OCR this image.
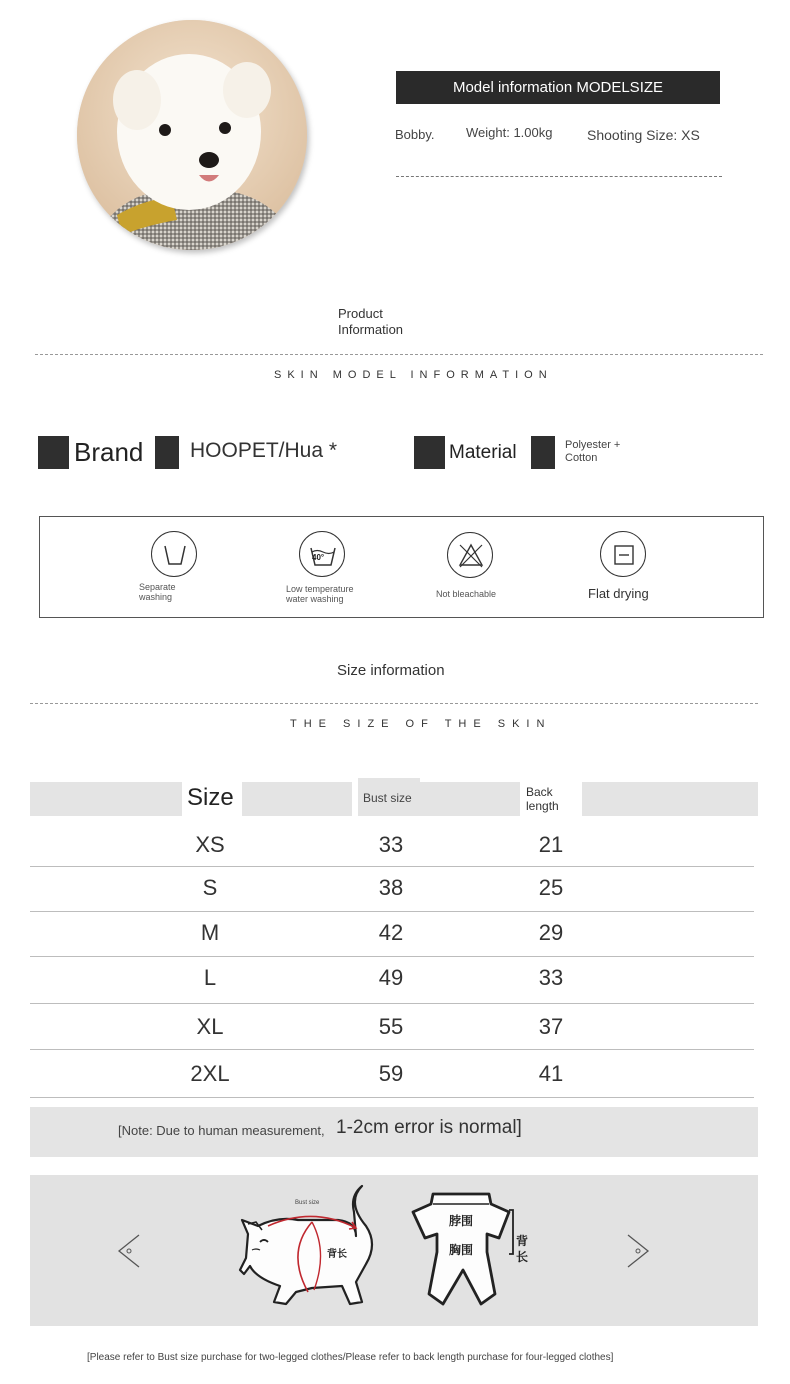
Model information MODELSIZE
Bobby. Weight: 1.00kg Shooting Size: XS
Product
Information
SKIN MODEL INFORMATION
Brand HOOPET/Hua *	Material	Polyester +
Cotton
Separate
washing
40°
Low temperature
water washing	Not bleachable	Flat drying
Size information
THE SIZE OF THE SKIN
Size	Bust size	Back
length
XS	33	21
S	38	25
M	42	29
L	49	33
XL	55	37
2XL	59	41
[Note: Due to human measurement, 1-2cm error is normal]
Bust size
背长
脖围
胸围
背
长
[Please refer to Bust size purchase for two-legged clothes/Please refer to back length purchase for four-legged clothes]
